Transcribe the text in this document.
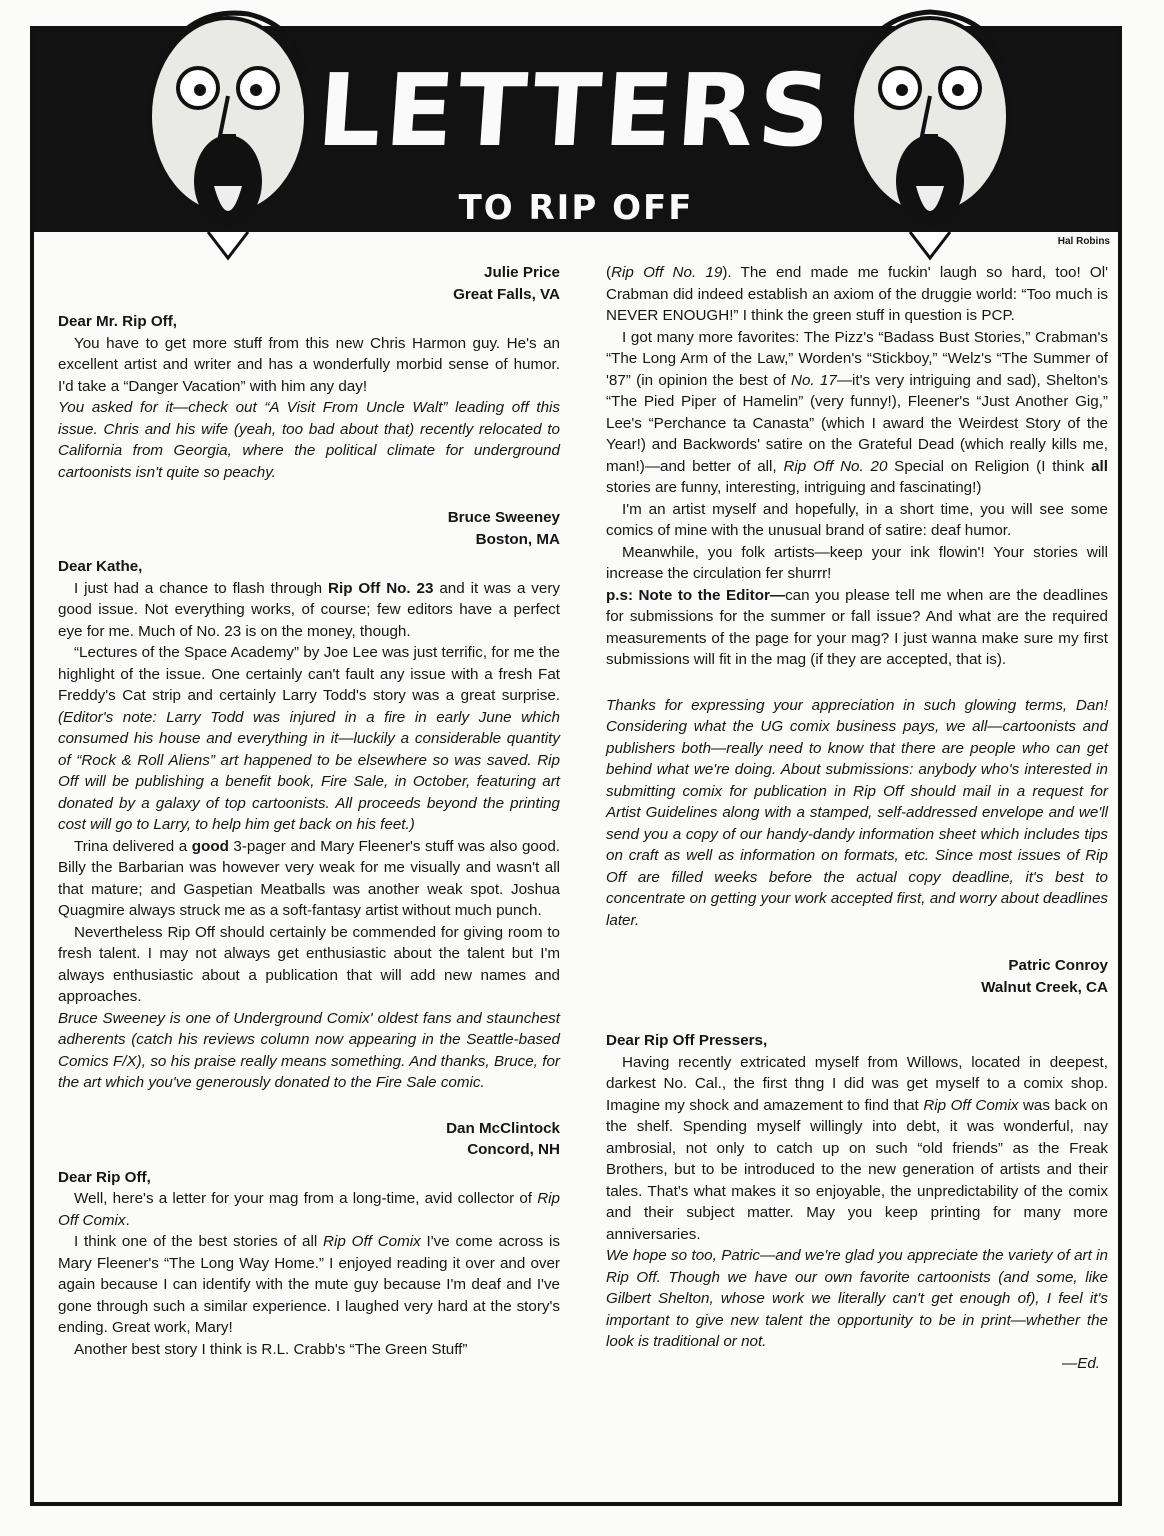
LETTERS
TO RIP OFF
Hal Robins

Julie Price

Great Falls, VA

Dear Mr. Rip Off,

You have to get more stuff from this new Chris Harmon guy. He's an excellent artist and writer and has a wonderfully morbid sense of humor. I'd take a “Danger Vacation” with him any day!

You asked for it—check out “A Visit From Uncle Walt” leading off this issue. Chris and his wife (yeah, too bad about that) recently relocated to California from Georgia, where the political climate for underground cartoonists isn't quite so peachy.

Bruce Sweeney

Boston, MA

Dear Kathe,

I just had a chance to flash through Rip Off No. 23 and it was a very good issue. Not everything works, of course; few editors have a perfect eye for me. Much of No. 23 is on the money, though.

“Lectures of the Space Academy” by Joe Lee was just terrific, for me the highlight of the issue. One certainly can't fault any issue with a fresh Fat Freddy's Cat strip and certainly Larry Todd's story was a great surprise. (Editor's note: Larry Todd was injured in a fire in early June which consumed his house and everything in it—luckily a considerable quantity of “Rock & Roll Aliens” art happened to be elsewhere so was saved. Rip Off will be publishing a benefit book, Fire Sale, in October, featuring art donated by a galaxy of top cartoonists. All proceeds beyond the printing cost will go to Larry, to help him get back on his feet.)

Trina delivered a good 3-pager and Mary Fleener's stuff was also good. Billy the Barbarian was however very weak for me visually and wasn't all that mature; and Gaspetian Meatballs was another weak spot. Joshua Quagmire always struck me as a soft-fantasy artist without much punch.

Nevertheless Rip Off should certainly be commended for giving room to fresh talent. I may not always get enthusiastic about the talent but I'm always enthusiastic about a publication that will add new names and approaches.

Bruce Sweeney is one of Underground Comix' oldest fans and staunchest adherents (catch his reviews column now appearing in the Seattle-based Comics F/X), so his praise really means something. And thanks, Bruce, for the art which you've generously donated to the Fire Sale comic.

Dan McClintock

Concord, NH

Dear Rip Off,

Well, here's a letter for your mag from a long-time, avid collector of Rip Off Comix.

I think one of the best stories of all Rip Off Comix I've come across is Mary Fleener's “The Long Way Home.” I enjoyed reading it over and over again because I can identify with the mute guy because I'm deaf and I've gone through such a similar experience. I laughed very hard at the story's ending. Great work, Mary!

Another best story I think is R.L. Crabb's “The Green Stuff”

(Rip Off No. 19). The end made me fuckin' laugh so hard, too! Ol' Crabman did indeed establish an axiom of the druggie world: “Too much is NEVER ENOUGH!” I think the green stuff in question is PCP.

I got many more favorites: The Pizz's “Badass Bust Stories,” Crabman's “The Long Arm of the Law,” Worden's “Stickboy,” “Welz's “The Summer of '87” (in opinion the best of No. 17—it's very intriguing and sad), Shelton's “The Pied Piper of Hamelin” (very funny!), Fleener's “Just Another Gig,” Lee's “Perchance ta Canasta” (which I award the Weirdest Story of the Year!) and Backwords' satire on the Grateful Dead (which really kills me, man!)—and better of all, Rip Off No. 20 Special on Religion (I think all stories are funny, interesting, intriguing and fascinating!)

I'm an artist myself and hopefully, in a short time, you will see some comics of mine with the unusual brand of satire: deaf humor.

Meanwhile, you folk artists—keep your ink flowin'! Your stories will increase the circulation fer shurrr!

p.s: Note to the Editor—can you please tell me when are the deadlines for submissions for the summer or fall issue? And what are the required measurements of the page for your mag? I just wanna make sure my first submissions will fit in the mag (if they are accepted, that is).

Thanks for expressing your appreciation in such glowing terms, Dan! Considering what the UG comix business pays, we all—cartoonists and publishers both—really need to know that there are people who can get behind what we're doing. About submissions: anybody who's interested in submitting comix for publication in Rip Off should mail in a request for Artist Guidelines along with a stamped, self-addressed envelope and we'll send you a copy of our handy-dandy information sheet which includes tips on craft as well as information on formats, etc. Since most issues of Rip Off are filled weeks before the actual copy deadline, it's best to concentrate on getting your work accepted first, and worry about deadlines later.

Patric Conroy

Walnut Creek, CA

Dear Rip Off Pressers,

Having recently extricated myself from Willows, located in deepest, darkest No. Cal., the first thng I did was get myself to a comix shop. Imagine my shock and amazement to find that Rip Off Comix was back on the shelf. Spending myself willingly into debt, it was wonderful, nay ambrosial, not only to catch up on such “old friends” as the Freak Brothers, but to be introduced to the new generation of artists and their tales. That's what makes it so enjoyable, the unpredictability of the comix and their subject matter. May you keep printing for many more anniversaries.

We hope so too, Patric—and we're glad you appreciate the variety of art in Rip Off. Though we have our own favorite cartoonists (and some, like Gilbert Shelton, whose work we literally can't get enough of), I feel it's important to give new talent the opportunity to be in print—whether the look is traditional or not.

—Ed.
